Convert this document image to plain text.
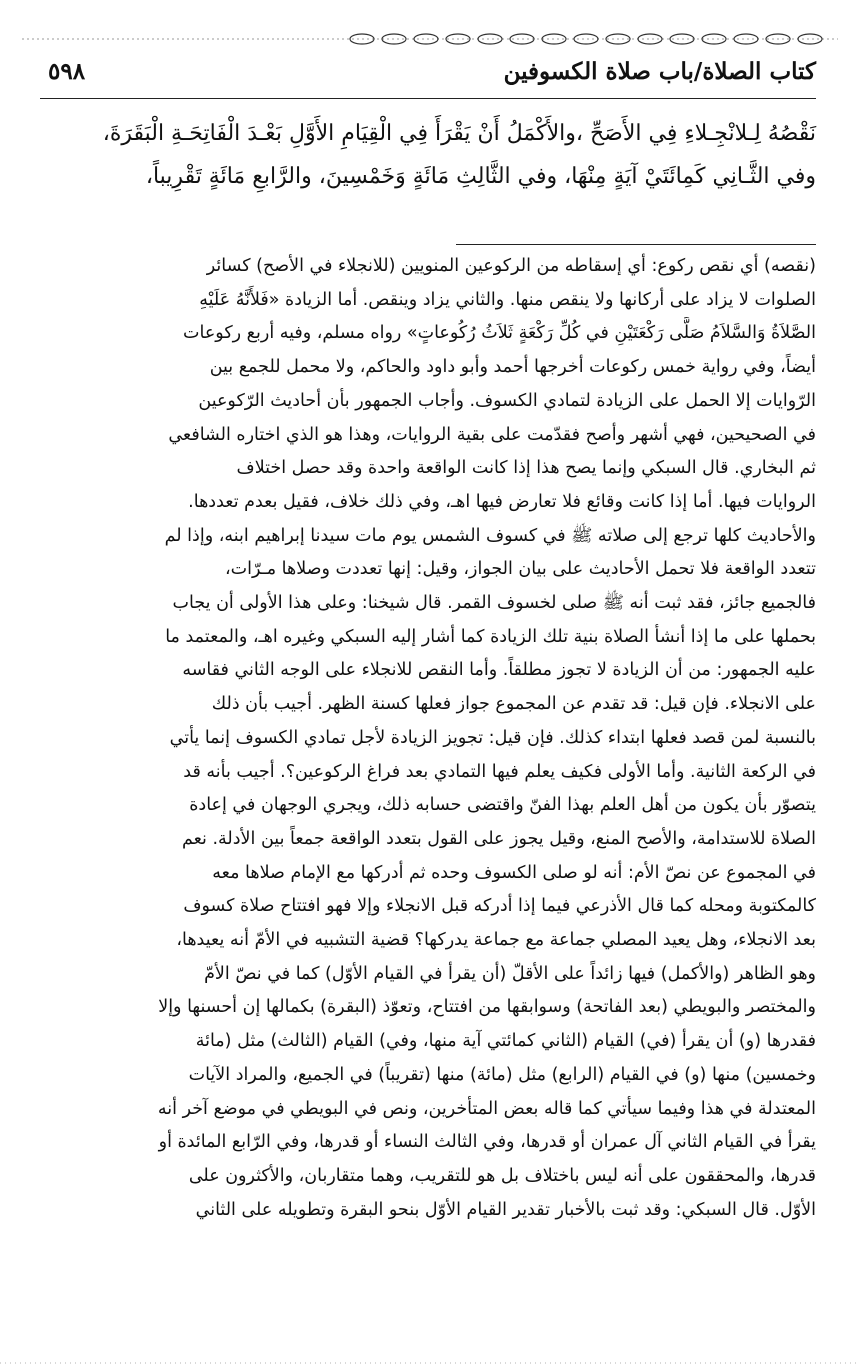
كتاب الصلاة/باب صلاة الكسوفين
٥٩٨
نَقْصُهُ لِـلانْجِـلاءِ فِي الأَصَحِّ ،والأَكْمَلُ أَنْ يَقْرَأَ فِي الْقِيَامِ الأَوَّلِ بَعْـدَ الْفَاتِحَـةِ الْبَقَرَةَ،
وفي الثَّـانِي كَمِائَتَيْ آيَةٍ مِنْهَا، وفي الثَّالِثِ مَائَةٍ وَخَمْسِينَ، والرَّابعِ مَائَةٍ تَقْرِيباً،
(نقصه) أي نقص ركوع: أي إسقاطه من الركوعين المنويين (للانجلاء في الأصح) كسائر
الصلوات لا يزاد على أركانها ولا ينقص منها. والثاني يزاد وينقص. أما الزيادة «فَلأَنَّهُ عَلَيْهِ
الصَّلاَةُ وَالسَّلاَمُ صَلَّى رَكْعَتَيْنِ في كُلِّ رَكْعَةٍ ثَلاَثُ رُكُوعاتٍ» رواه مسلم، وفيه أربع ركوعات
أيضاً، وفي رواية خمس ركوعات أخرجها أحمد وأبو داود والحاكم، ولا محمل للجمع بين
الرّوايات إلا الحمل على الزيادة لتمادي الكسوف. وأجاب الجمهور بأن أحاديث الرّكوعين
في الصحيحين، فهي أشهر وأصح فقدّمت على بقية الروايات، وهذا هو الذي اختاره الشافعي
ثم البخاري. قال السبكي وإنما يصح هذا إذا كانت الواقعة واحدة وقد حصل اختلاف
الروايات فيها. أما إذا كانت وقائع فلا تعارض فيها اهـ، وفي ذلك خلاف، فقيل بعدم تعددها.
والأحاديث كلها ترجع إلى صلاته ﷺ في كسوف الشمس يوم مات سيدنا إبراهيم ابنه، وإذا لم
تتعدد الواقعة فلا تحمل الأحاديث على بيان الجواز، وقيل: إنها تعددت وصلاها مـرّات،
فالجميع جائز، فقد ثبت أنه ﷺ صلى لخسوف القمر. قال شيخنا: وعلى هذا الأولى أن يجاب
بحملها على ما إذا أنشأ الصلاة بنية تلك الزيادة كما أشار إليه السبكي وغيره اهـ، والمعتمد ما
عليه الجمهور: من أن الزيادة لا تجوز مطلقاً. وأما النقص للانجلاء على الوجه الثاني فقاسه
على الانجلاء. فإن قيل: قد تقدم عن المجموع جواز فعلها كسنة الظهر. أجيب بأن ذلك
بالنسبة لمن قصد فعلها ابتداء كذلك. فإن قيل: تجويز الزيادة لأجل تمادي الكسوف إنما يأتي
في الركعة الثانية. وأما الأولى فكيف يعلم فيها التمادي بعد فراغ الركوعين؟. أجيب بأنه قد
يتصوّر بأن يكون من أهل العلم بهذا الفنّ واقتضى حسابه ذلك، ويجري الوجهان في إعادة
الصلاة للاستدامة، والأصح المنع، وقيل يجوز على القول بتعدد الواقعة جمعاً بين الأدلة. نعم
في المجموع عن نصّ الأم: أنه لو صلى الكسوف وحده ثم أدركها مع الإمام صلاها معه
كالمكتوبة ومحله كما قال الأذرعي فيما إذا أدركه قبل الانجلاء وإلا فهو افتتاح صلاة كسوف
بعد الانجلاء، وهل يعيد المصلي جماعة مع جماعة يدركها؟ قضية التشبيه في الأمّ أنه يعيدها،
وهو الظاهر (والأكمل) فيها زائداً على الأقلّ (أن يقرأ في القيام الأوّل) كما في نصّ الأمّ
والمختصر والبويطي (بعد الفاتحة) وسوابقها من افتتاح، وتعوّذ (البقرة) بكمالها إن أحسنها وإلا
فقدرها (و) أن يقرأ (في) القيام (الثاني كمائتي آية منها، وفي) القيام (الثالث) مثل (مائة
وخمسين) منها (و) في القيام (الرابع) مثل (مائة) منها (تقريباً) في الجميع، والمراد الآيات
المعتدلة في هذا وفيما سيأتي كما قاله بعض المتأخرين، ونص في البويطي في موضع آخر أنه
يقرأ في القيام الثاني آل عمران أو قدرها، وفي الثالث النساء أو قدرها، وفي الرّابع المائدة أو
قدرها، والمحققون على أنه ليس باختلاف بل هو للتقريب، وهما متقاربان، والأكثرون على
الأوّل. قال السبكي: وقد ثبت بالأخبار تقدير القيام الأوّل بنحو البقرة وتطويله على الثاني
